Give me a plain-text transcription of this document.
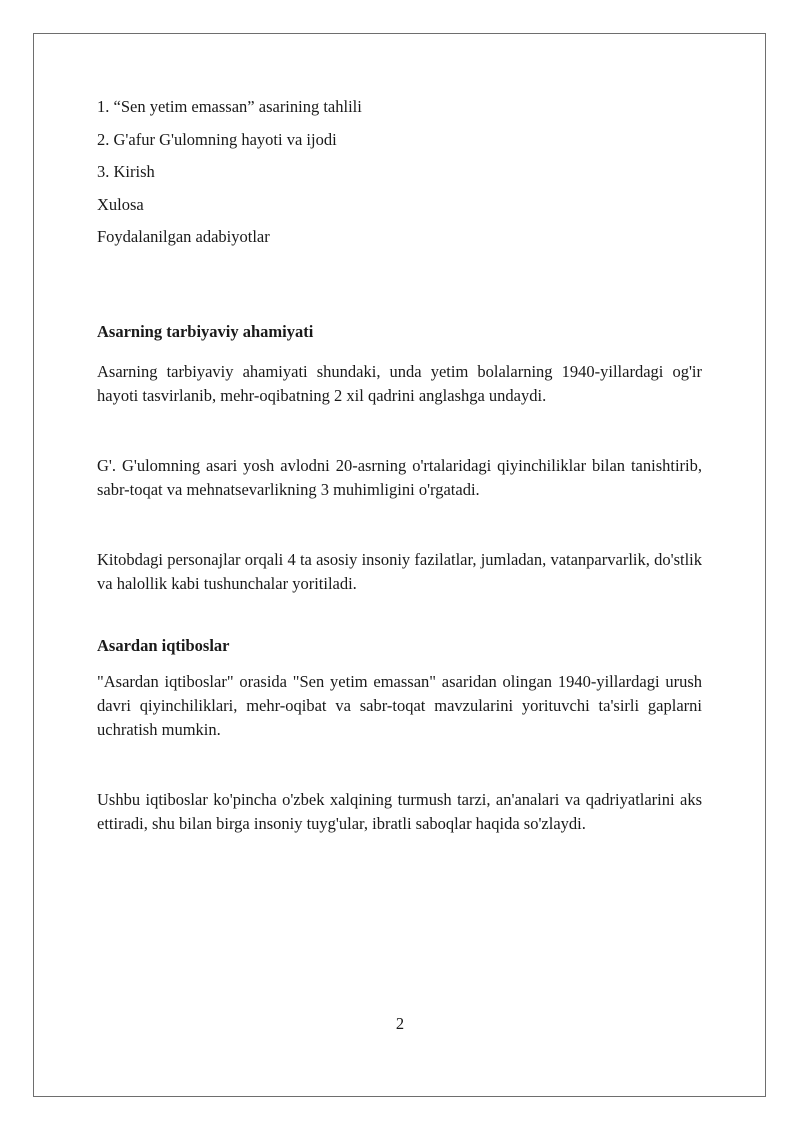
1. “Sen yetim emassan” asarining tahlili
2. G'afur G'ulomning hayoti va ijodi
3. Kirish
Xulosa
Foydalanilgan adabiyotlar
Asarning tarbiyaviy ahamiyati

Asarning tarbiyaviy ahamiyati shundaki, unda yetim bolalarning 1940-yillardagi og'ir hayoti tasvirlanib, mehr-oqibatning 2 xil qadrini anglashga undaydi.

G'. G'ulomning asari yosh avlodni 20-asrning o'rtalaridagi qiyinchiliklar bilan tanishtirib, sabr-toqat va mehnatsevarlikning 3 muhimligini o'rgatadi.

Kitobdagi personajlar orqali 4 ta asosiy insoniy fazilatlar, jumladan, vatanparvarlik, do'stlik va halollik kabi tushunchalar yoritiladi.

Asardan iqtiboslar

"Asardan iqtiboslar" orasida "Sen yetim emassan" asaridan olingan 1940-yillardagi urush davri qiyinchiliklari, mehr-oqibat va sabr-toqat mavzularini yorituvchi ta'sirli gaplarni uchratish mumkin.

Ushbu iqtiboslar ko'pincha o'zbek xalqining turmush tarzi, an'analari va qadriyatlarini aks ettiradi, shu bilan birga insoniy tuyg'ular, ibratli saboqlar haqida so'zlaydi.

2
